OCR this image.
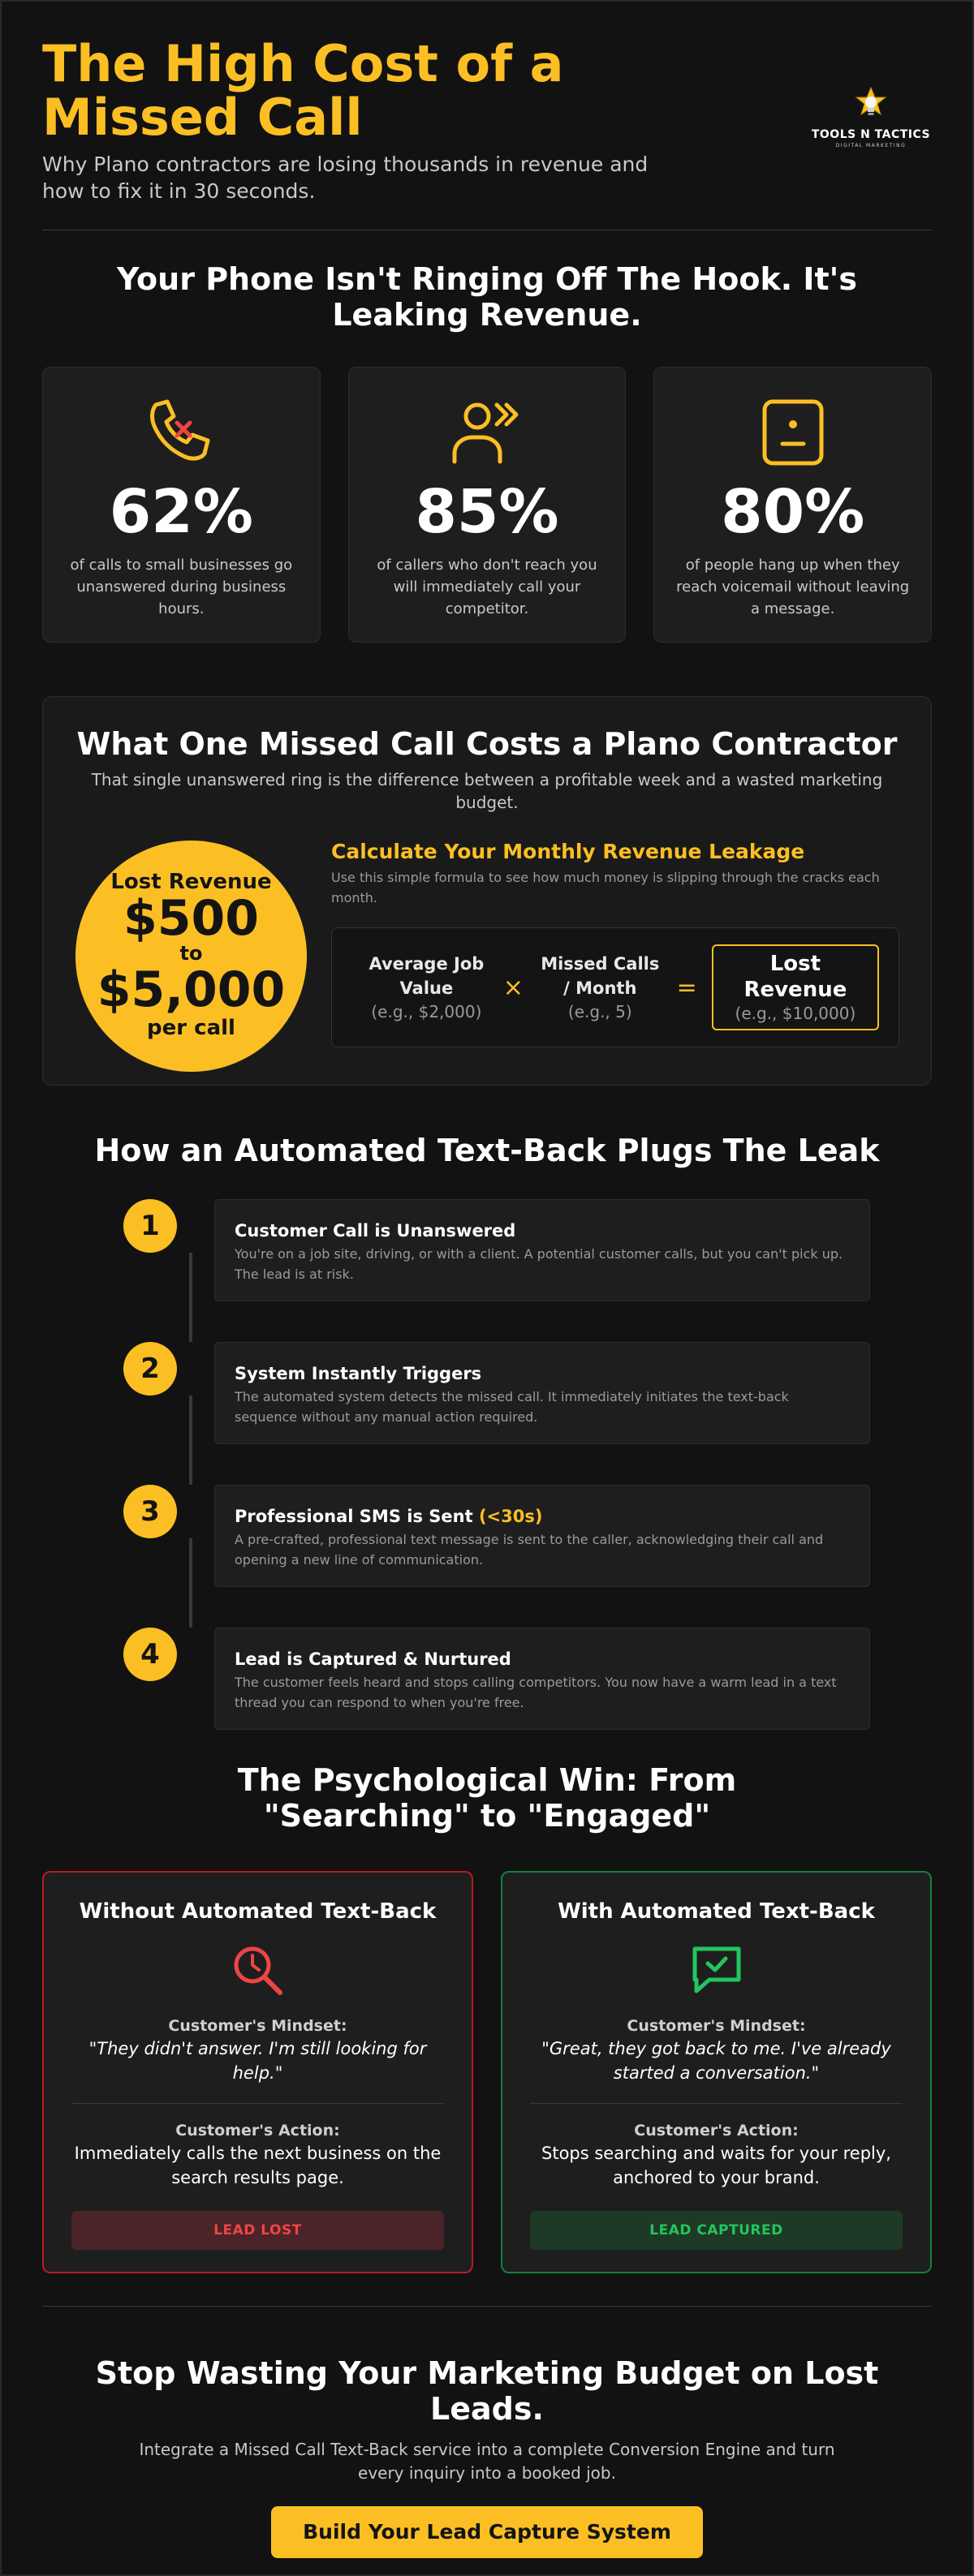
The High Cost of a Missed Call

Why Plano contractors are losing thousands in revenue and how to fix it in 30 seconds.

TOOLS N TACTICS
DIGITAL MARKETING
Your Phone Isn't Ringing Off The Hook. It's Leaking Revenue.
62%

of calls to small businesses go unanswered during business hours.

85%

of callers who don't reach you will immediately call your competitor.

80%

of people hang up when they reach voicemail without leaving a message.

What One Missed Call Costs a Plano Contractor

That single unanswered ring is the difference between a profitable week and a wasted marketing budget.

Lost Revenue
$500
to
$5,000
per call
Calculate Your Monthly Revenue Leakage

Use this simple formula to see how much money is slipping through the cracks each month.

Average Job Value
(e.g., $2,000)
×
Missed Calls / Month
(e.g., 5)
=
Lost Revenue
(e.g., $10,000)
How an Automated Text-Back Plugs The Leak
1	Customer Call is Unanswered

You're on a job site, driving, or with a client. A potential customer calls, but you can't pick up. The lead is at risk.

2	System Instantly Triggers

The automated system detects the missed call. It immediately initiates the text-back sequence without any manual action required.

3	Professional SMS is Sent (<30s)

A pre-crafted, professional text message is sent to the caller, acknowledging their call and opening a new line of communication.

4	Lead is Captured & Nurtured

The customer feels heard and stops calling competitors. You now have a warm lead in a text thread you can respond to when you're free.

The Psychological Win: From "Searching" to "Engaged"
Without Automated Text-Back
Customer's Mindset:

"They didn't answer. I'm still looking for help."

Customer's Action:

Immediately calls the next business on the search results page.

LEAD LOST
With Automated Text-Back
Customer's Mindset:

"Great, they got back to me. I've already started a conversation."

Customer's Action:

Stops searching and waits for your reply, anchored to your brand.

LEAD CAPTURED
Stop Wasting Your Marketing Budget on Lost Leads.

Integrate a Missed Call Text-Back service into a complete Conversion Engine and turn every inquiry into a booked job.

Build Your Lead Capture System
